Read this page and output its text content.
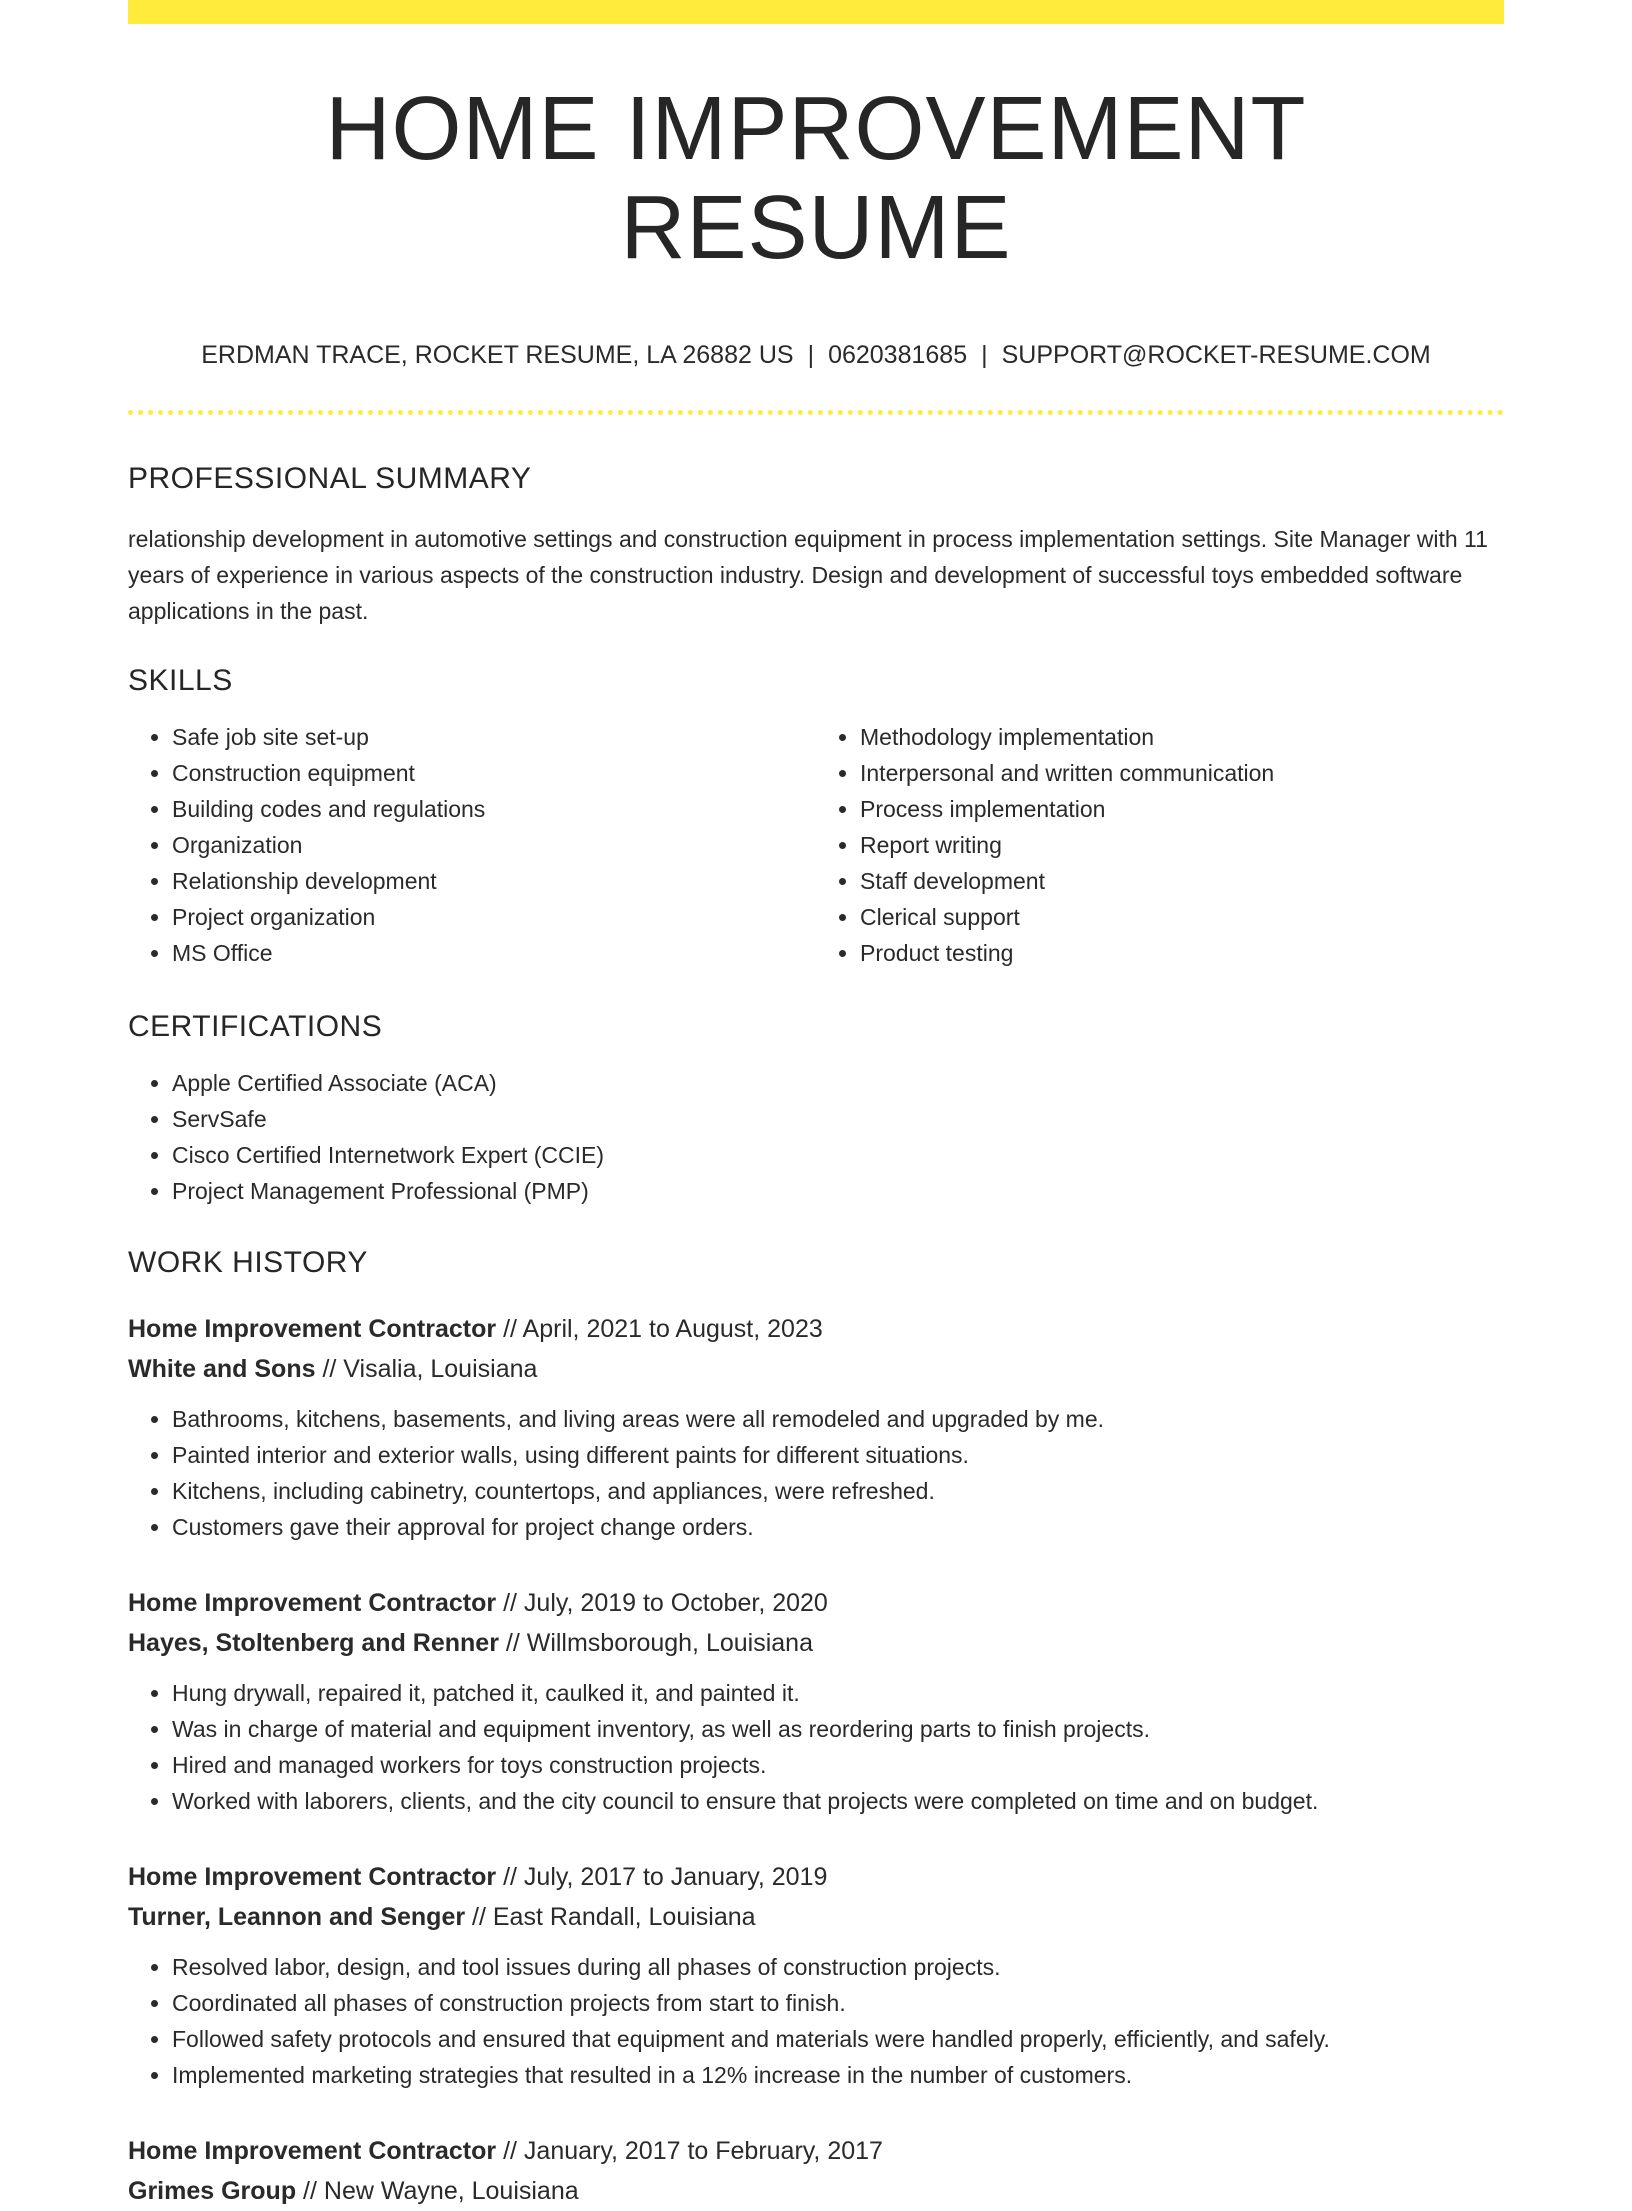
HOME IMPROVEMENT RESUME
ERDMAN TRACE, ROCKET RESUME, LA 26882 US | 0620381685 | SUPPORT@ROCKET-RESUME.COM
PROFESSIONAL SUMMARY

relationship development in automotive settings and construction equipment in process implementation settings. Site Manager with 11 years of experience in various aspects of the construction industry. Design and development of successful toys embedded software applications in the past.

SKILLS
• Safe job site set-up
• Construction equipment
• Building codes and regulations
• Organization
• Relationship development
• Project organization
• MS Office
• Methodology implementation
• Interpersonal and written communication
• Process implementation
• Report writing
• Staff development
• Clerical support
• Product testing
CERTIFICATIONS
• Apple Certified Associate (ACA)
• ServSafe
• Cisco Certified Internetwork Expert (CCIE)
• Project Management Professional (PMP)
WORK HISTORY
Home Improvement Contractor // April, 2021 to August, 2023
White and Sons // Visalia, Louisiana
• Bathrooms, kitchens, basements, and living areas were all remodeled and upgraded by me.
• Painted interior and exterior walls, using different paints for different situations.
• Kitchens, including cabinetry, countertops, and appliances, were refreshed.
• Customers gave their approval for project change orders.
Home Improvement Contractor // July, 2019 to October, 2020
Hayes, Stoltenberg and Renner // Willmsborough, Louisiana
• Hung drywall, repaired it, patched it, caulked it, and painted it.
• Was in charge of material and equipment inventory, as well as reordering parts to finish projects.
• Hired and managed workers for toys construction projects.
• Worked with laborers, clients, and the city council to ensure that projects were completed on time and on budget.
Home Improvement Contractor // July, 2017 to January, 2019
Turner, Leannon and Senger // East Randall, Louisiana
• Resolved labor, design, and tool issues during all phases of construction projects.
• Coordinated all phases of construction projects from start to finish.
• Followed safety protocols and ensured that equipment and materials were handled properly, efficiently, and safely.
• Implemented marketing strategies that resulted in a 12% increase in the number of customers.
Home Improvement Contractor // January, 2017 to February, 2017
Grimes Group // New Wayne, Louisiana
